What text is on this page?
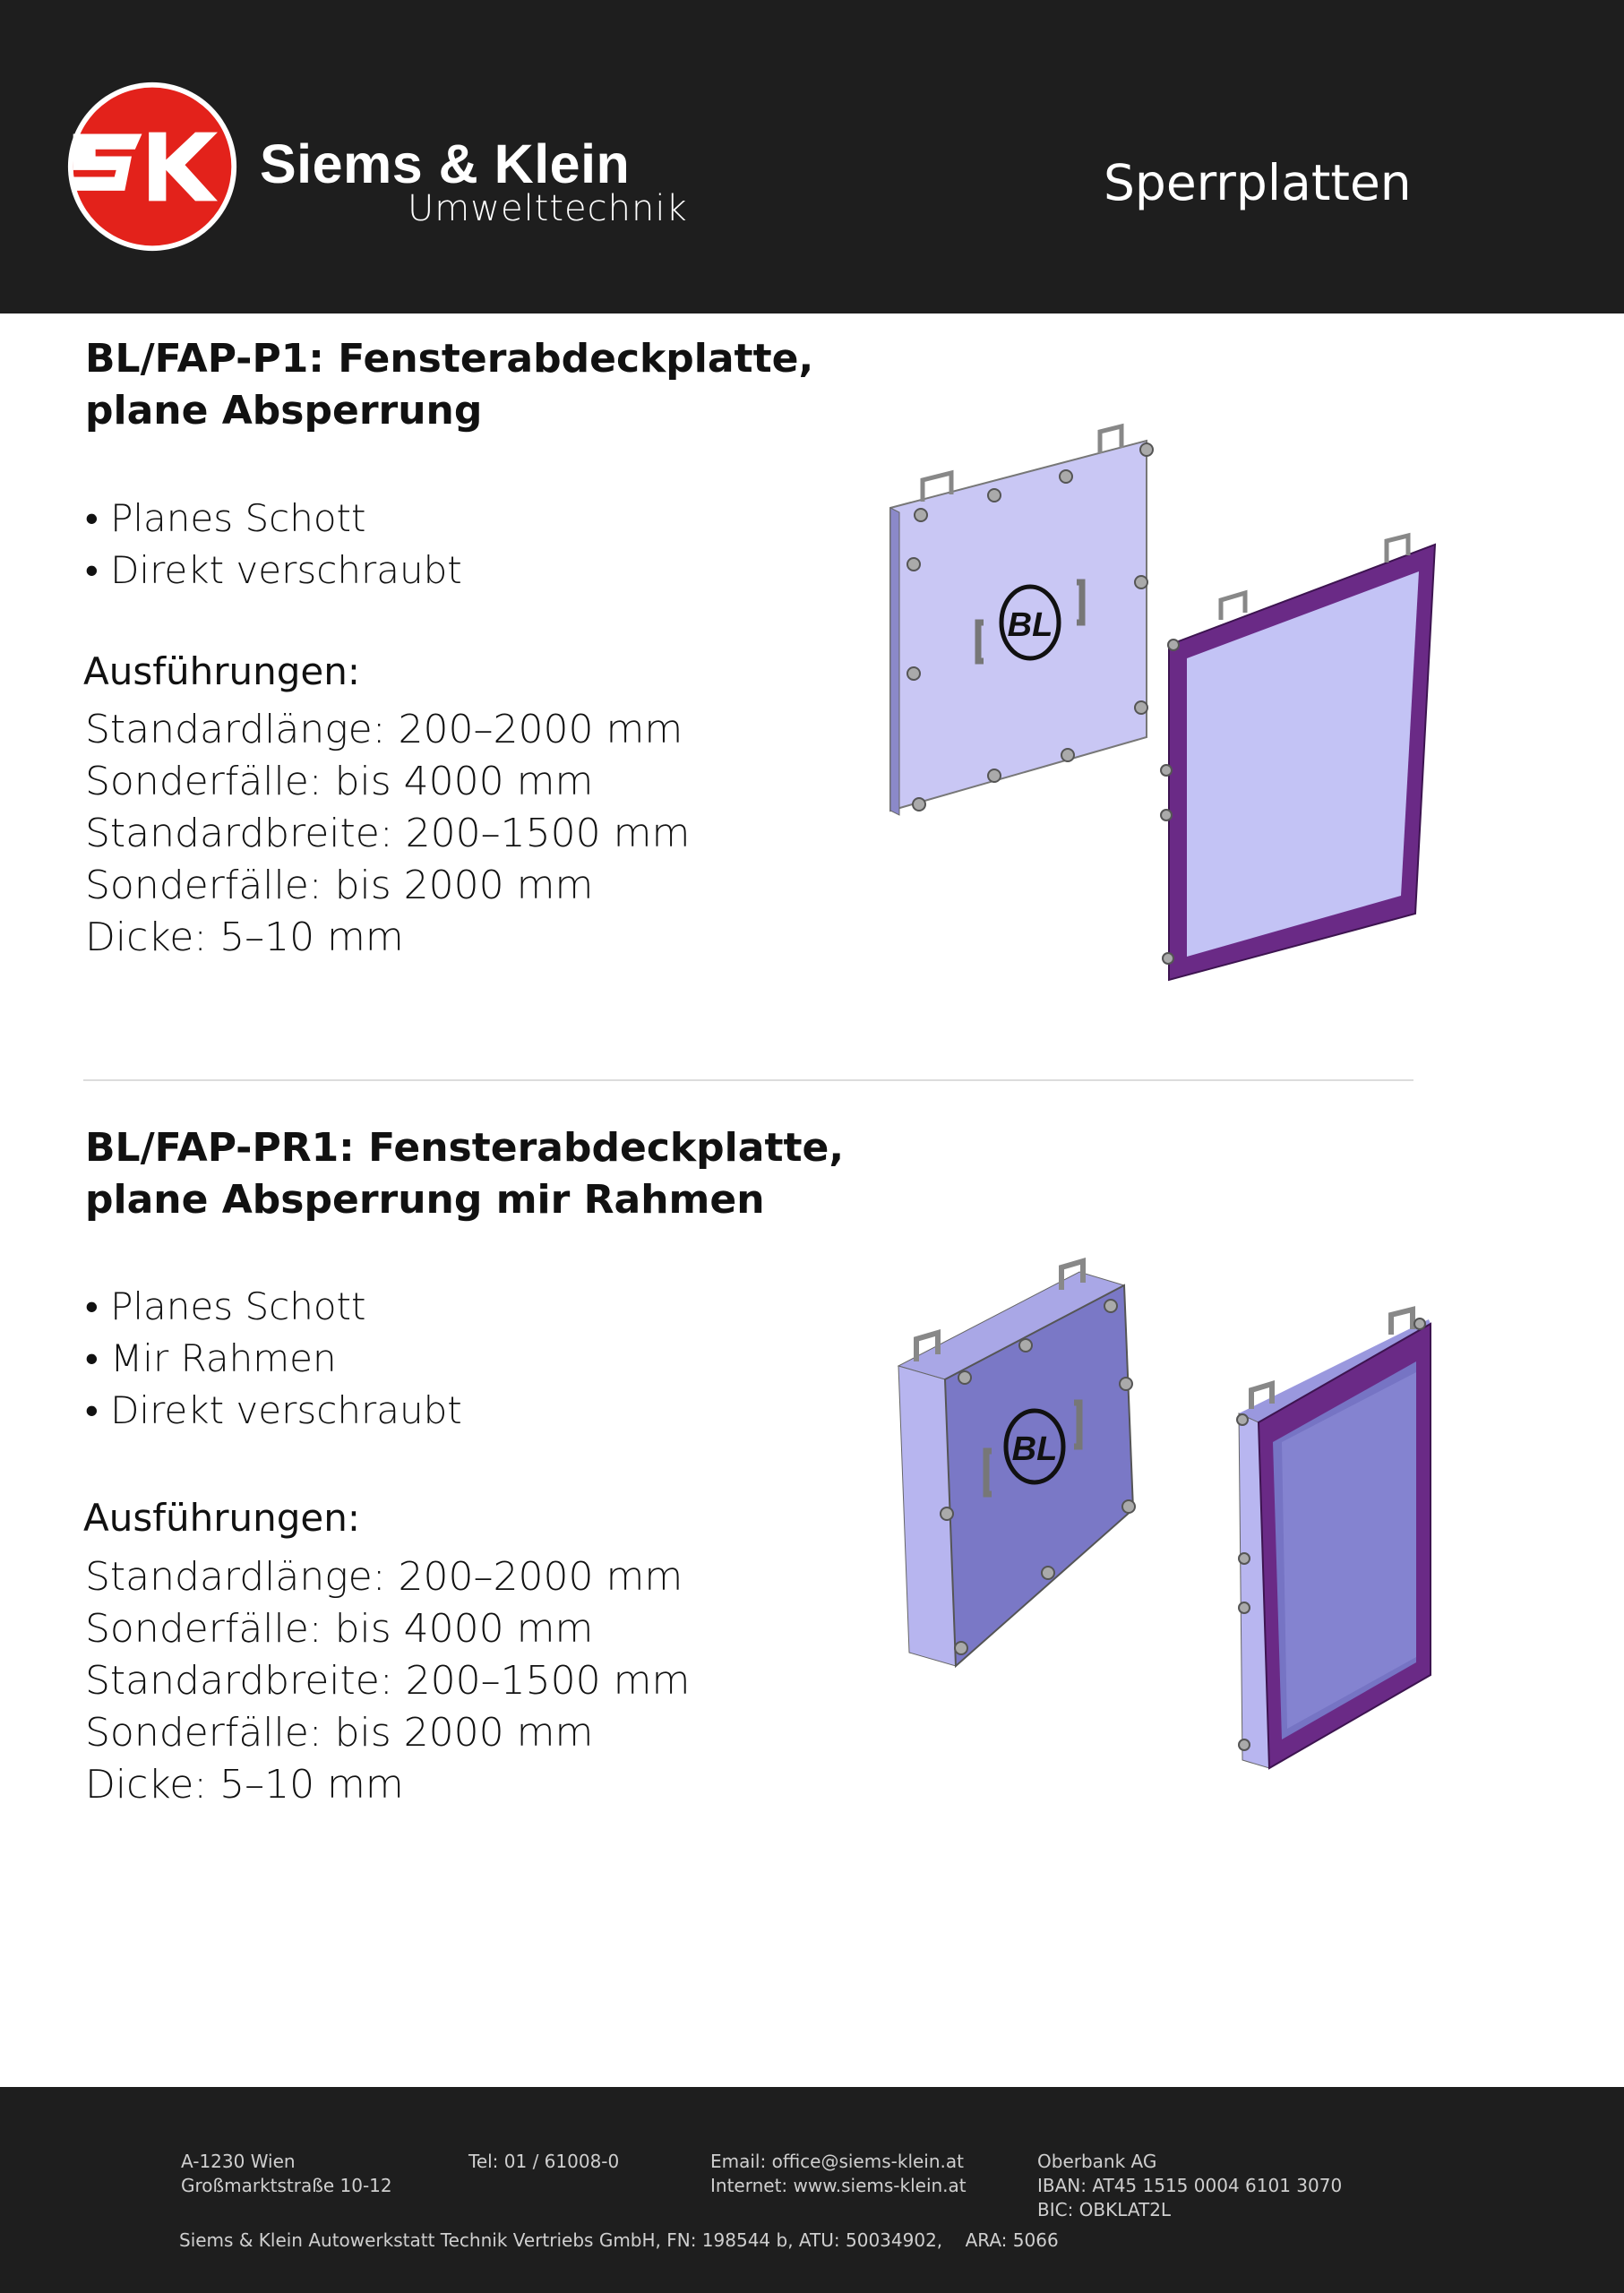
Siems & Klein
Umwelttechnik	Sperrplatten
BL/FAP-P1: Fensterabdeckplatte,
plane Absperrung
• Planes Schott
• Direkt verschraubt
Ausführungen:
Standardlänge: 200–2000 mm
Sonderfälle: bis 4000 mm
Standardbreite: 200–1500 mm
Sonderfälle: bis 2000 mm
Dicke: 5–10 mm
BL
BL/FAP-PR1: Fensterabdeckplatte,
plane Absperrung mir Rahmen
• Planes Schott
• Mir Rahmen
• Direkt verschraubt
Ausführungen:
Standardlänge: 200–2000 mm
Sonderfälle: bis 4000 mm
Standardbreite: 200–1500 mm
Sonderfälle: bis 2000 mm
Dicke: 5–10 mm
BL
A-1230 Wien
Großmarktstraße 10-12
Tel: 01 / 61008-0	Email: office@siems-klein.at
Internet: www.siems-klein.at
Oberbank AG
IBAN: AT45 1515 0004 6101 3070
BIC: OBKLAT2L
Siems & Klein Autowerkstatt Technik Vertriebs GmbH, FN: 198544 b, ATU: 50034902,    ARA: 5066
